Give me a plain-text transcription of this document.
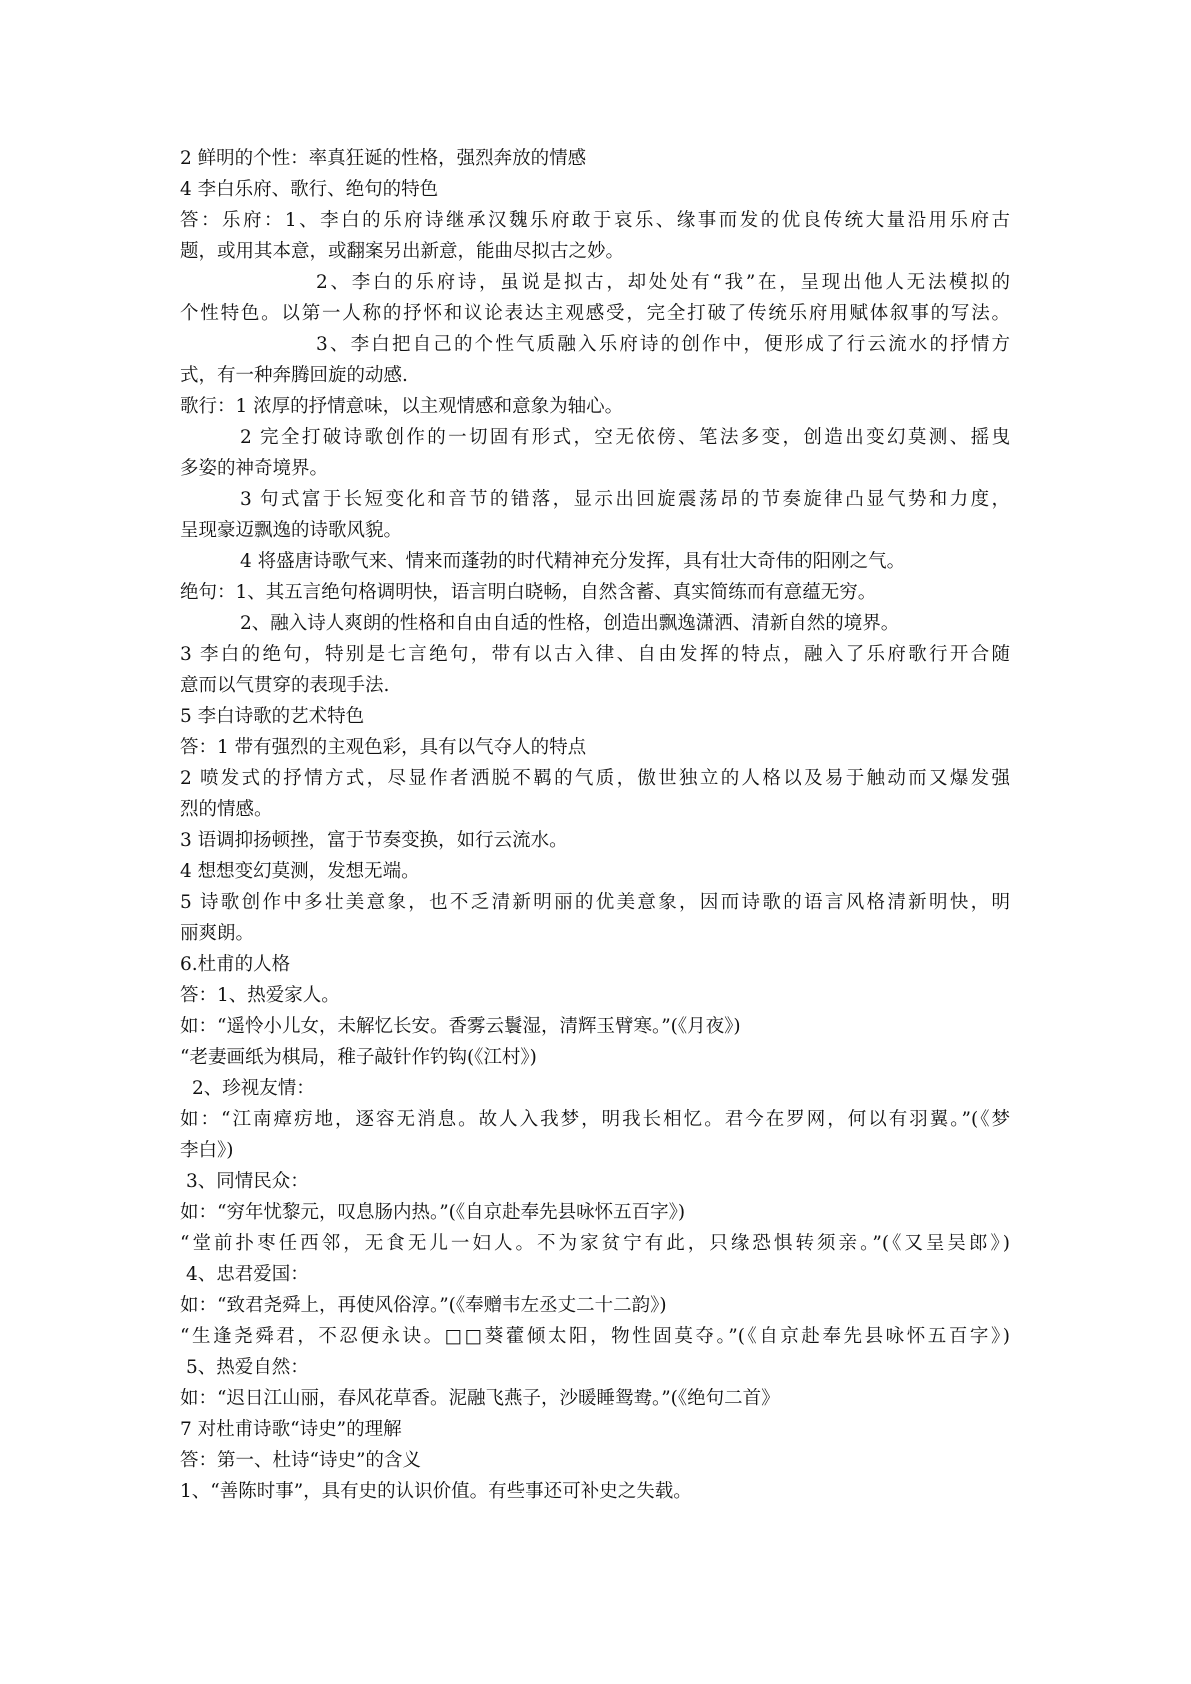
2 鲜明的个性：率真狂诞的性格，强烈奔放的情感
4 李白乐府、歌行、绝句的特色
答：乐府：1、李白的乐府诗继承汉魏乐府敢于哀乐、缘事而发的优良传统大量沿用乐府古
题，或用其本意，或翻案另出新意，能曲尽拟古之妙。
2、李白的乐府诗，虽说是拟古，却处处有“我”在，呈现出他人无法模拟的
个性特色。以第一人称的抒怀和议论表达主观感受，完全打破了传统乐府用赋体叙事的写法。
3、李白把自己的个性气质融入乐府诗的创作中，便形成了行云流水的抒情方
式，有一种奔腾回旋的动感.
歌行：1 浓厚的抒情意味，以主观情感和意象为轴心。
2 完全打破诗歌创作的一切固有形式，空无依傍、笔法多变，创造出变幻莫测、摇曳
多姿的神奇境界。
3 句式富于长短变化和音节的错落，显示出回旋震荡昂的节奏旋律凸显气势和力度，
呈现豪迈飘逸的诗歌风貌。
4 将盛唐诗歌气来、情来而蓬勃的时代精神充分发挥，具有壮大奇伟的阳刚之气。
绝句：1、其五言绝句格调明快，语言明白晓畅，自然含蓄、真实简练而有意蕴无穷。
2、融入诗人爽朗的性格和自由自适的性格，创造出飘逸潇洒、清新自然的境界。
3 李白的绝句，特别是七言绝句，带有以古入律、自由发挥的特点，融入了乐府歌行开合随
意而以气贯穿的表现手法.
5 李白诗歌的艺术特色
答：1 带有强烈的主观色彩，具有以气夺人的特点
2 喷发式的抒情方式，尽显作者洒脱不羁的气质，傲世独立的人格以及易于触动而又爆发强
烈的情感。
3 语调抑扬顿挫，富于节奏变换，如行云流水。
4 想想变幻莫测，发想无端。
5 诗歌创作中多壮美意象，也不乏清新明丽的优美意象，因而诗歌的语言风格清新明快，明
丽爽朗。
6.杜甫的人格
答：1、热爱家人。
如：“遥怜小儿女，未解忆长安。香雾云鬟湿，清辉玉臂寒。”(《月夜》)
“老妻画纸为棋局，稚子敲针作钓钩(《江村》)
2、珍视友情：
如：“江南瘴疠地，逐容无消息。故人入我梦，明我长相忆。君今在罗网，何以有羽翼。”(《梦
李白》)
3、同情民众：
如：“穷年忧黎元，叹息肠内热。”(《自京赴奉先县咏怀五百字》)
“堂前扑枣任西邻，无食无儿一妇人。不为家贫宁有此，只缘恐惧转须亲。”(《又呈吴郎》)
4、忠君爱国：
如：“致君尧舜上，再使风俗淳。”(《奉赠韦左丞丈二十二韵》)
“生逢尧舜君，不忍便永诀。□□葵藿倾太阳，物性固莫夺。”(《自京赴奉先县咏怀五百字》)
5、热爱自然：
如：“迟日江山丽，春风花草香。泥融飞燕子，沙暖睡鸳鸯。”(《绝句二首》
7 对杜甫诗歌“诗史”的理解
答：第一、杜诗“诗史”的含义
1、“善陈时事”，具有史的认识价值。有些事还可补史之失载。
